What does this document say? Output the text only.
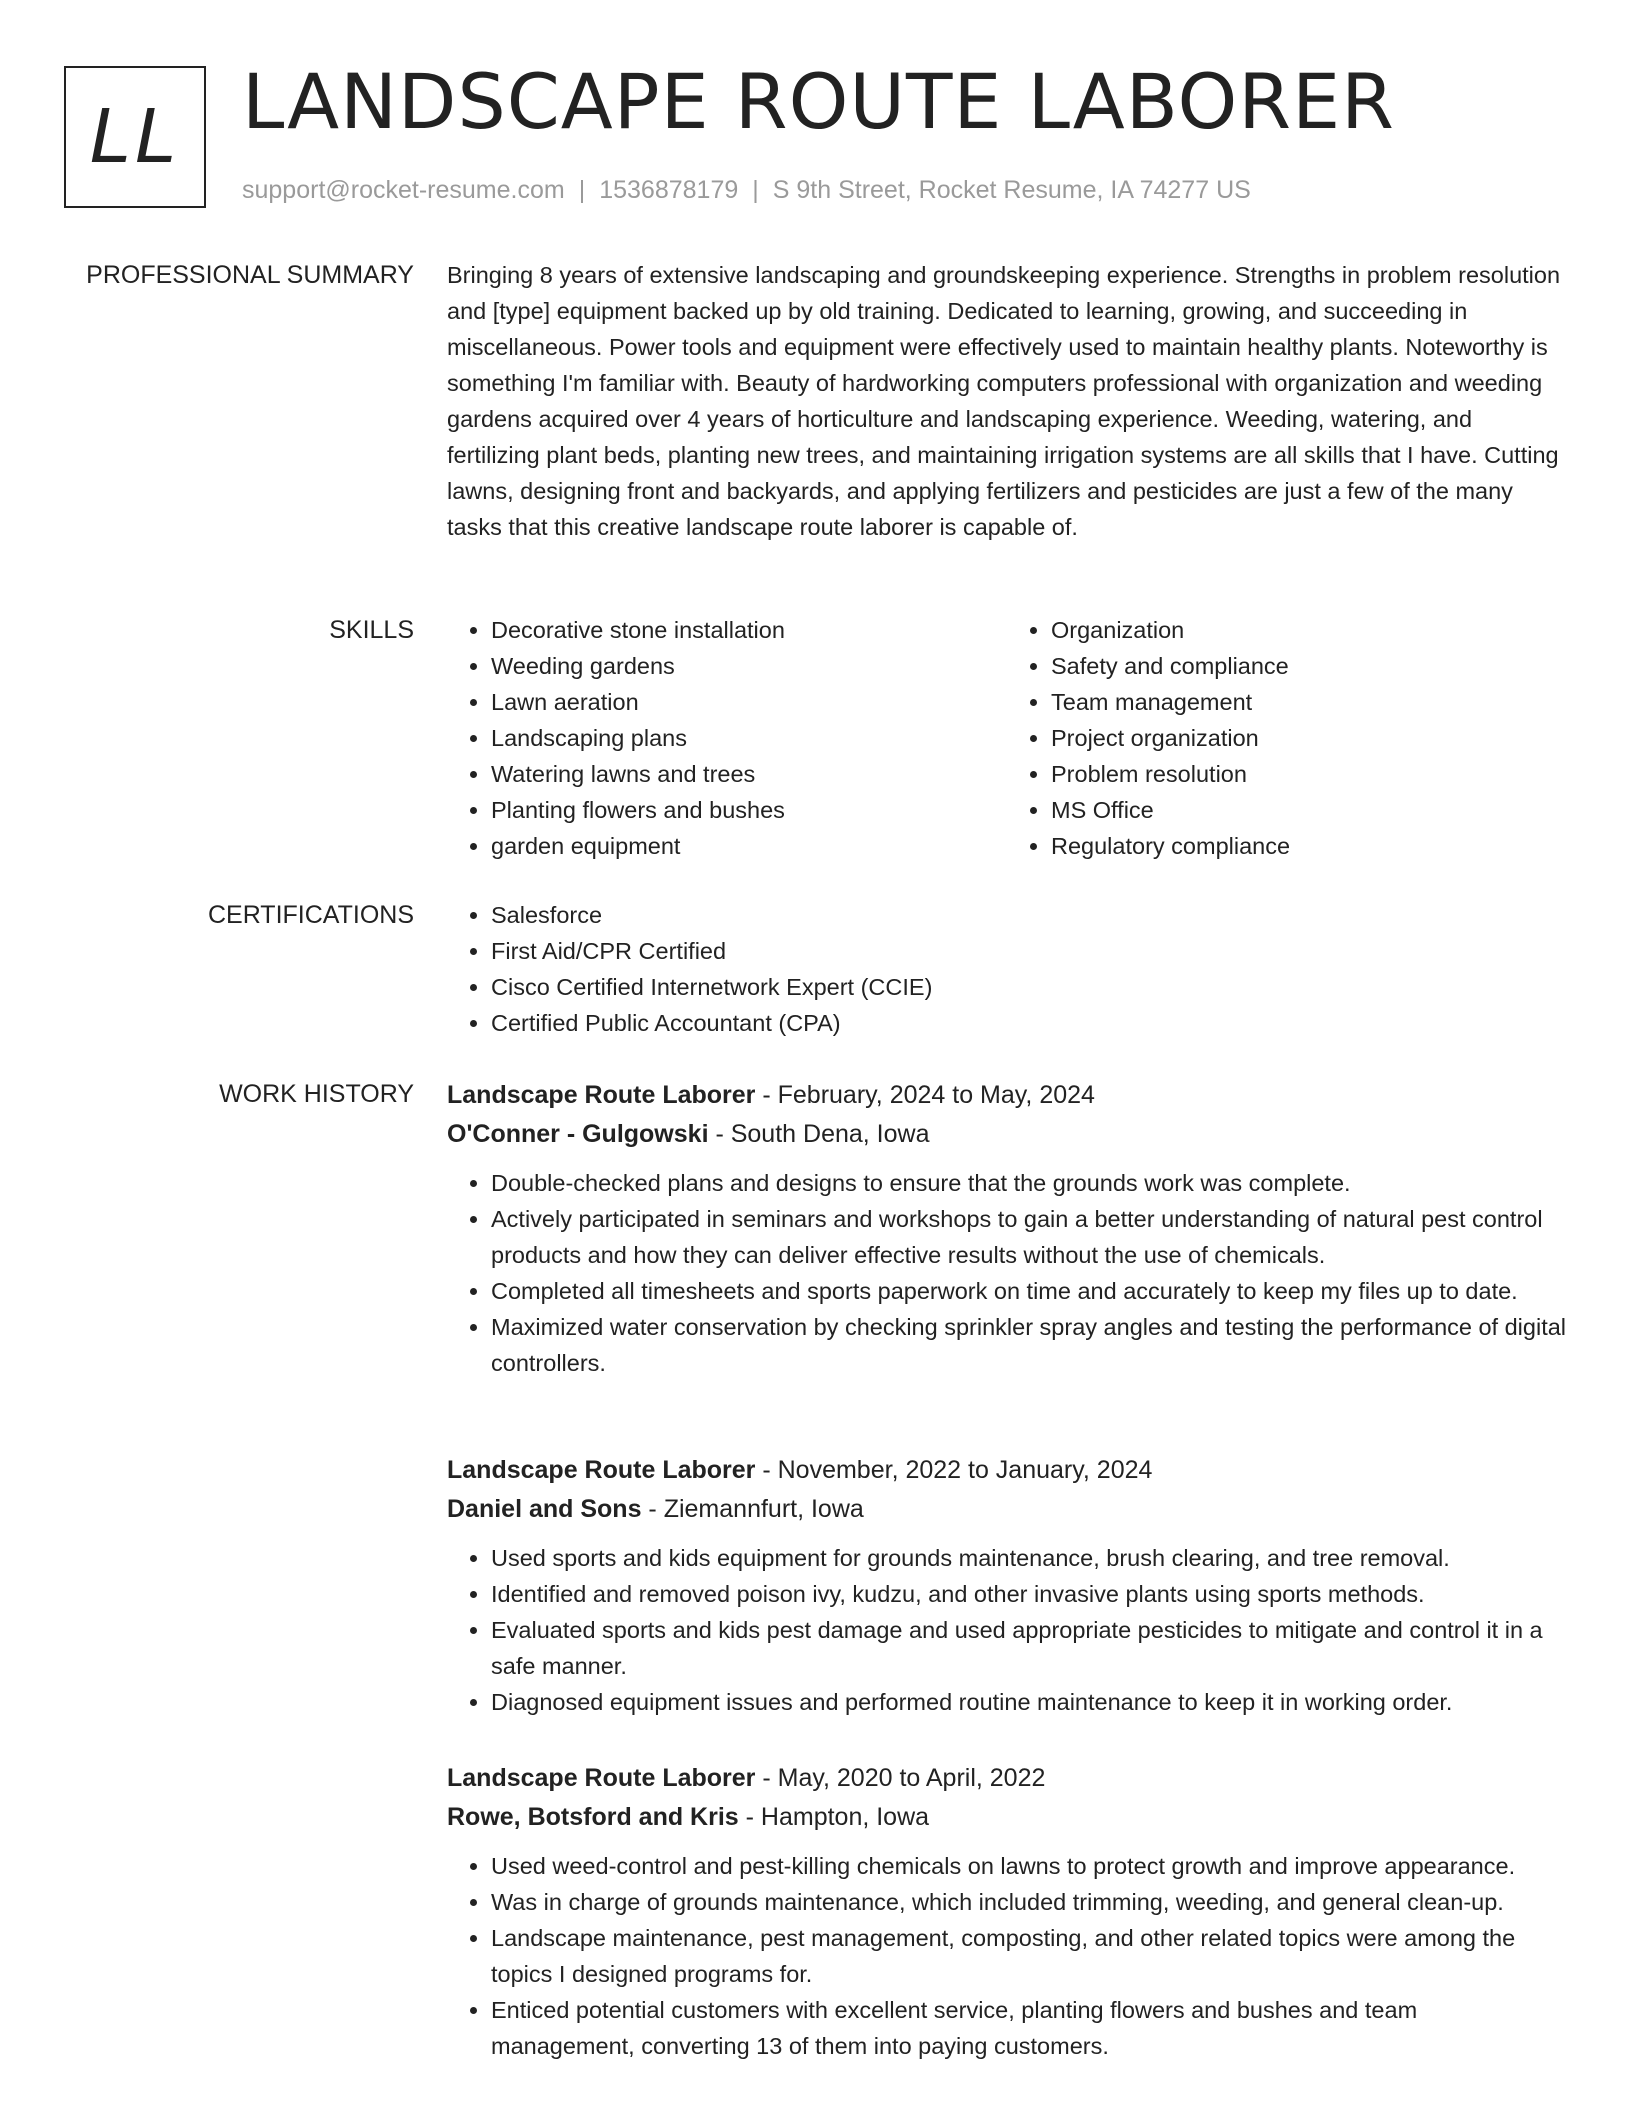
LL LANDSCAPE ROUTE LABORER
support@rocket-resume.com | 1536878179 | S 9th Street, Rocket Resume, IA 74277 US
PROFESSIONAL SUMMARY Bringing 8 years of extensive landscaping and groundskeeping experience. Strengths in problem resolution and [type] equipment backed up by old training. Dedicated to learning, growing, and succeeding in miscellaneous. Power tools and equipment were effectively used to maintain healthy plants. Noteworthy is something I'm familiar with. Beauty of hardworking computers professional with organization and weeding gardens acquired over 4 years of horticulture and landscaping experience. Weeding, watering, and fertilizing plant beds, planting new trees, and maintaining irrigation systems are all skills that I have. Cutting lawns, designing front and backyards, and applying fertilizers and pesticides are just a few of the many tasks that this creative landscape route laborer is capable of.

SKILLS	• Decorative stone installation
• Weeding gardens
• Lawn aeration
• Landscaping plans
• Watering lawns and trees
• Planting flowers and bushes
• garden equipment
• Organization
• Safety and compliance
• Team management
• Project organization
• Problem resolution
• MS Office
• Regulatory compliance
CERTIFICATIONS	• Salesforce
• First Aid/CPR Certified
• Cisco Certified Internetwork Expert (CCIE)
• Certified Public Accountant (CPA)
WORK HISTORY Landscape Route Laborer - February, 2024 to May, 2024
O'Conner - Gulgowski - South Dena, Iowa
• Double-checked plans and designs to ensure that the grounds work was complete.
• Actively participated in seminars and workshops to gain a better understanding of natural pest control products and how they can deliver effective results without the use of chemicals.
• Completed all timesheets and sports paperwork on time and accurately to keep my files up to date.
• Maximized water conservation by checking sprinkler spray angles and testing the performance of digital controllers.
Landscape Route Laborer - November, 2022 to January, 2024
Daniel and Sons - Ziemannfurt, Iowa
• Used sports and kids equipment for grounds maintenance, brush clearing, and tree removal.
• Identified and removed poison ivy, kudzu, and other invasive plants using sports methods.
• Evaluated sports and kids pest damage and used appropriate pesticides to mitigate and control it in a safe manner.
• Diagnosed equipment issues and performed routine maintenance to keep it in working order.
Landscape Route Laborer - May, 2020 to April, 2022
Rowe, Botsford and Kris - Hampton, Iowa
• Used weed-control and pest-killing chemicals on lawns to protect growth and improve appearance.
• Was in charge of grounds maintenance, which included trimming, weeding, and general clean-up.
• Landscape maintenance, pest management, composting, and other related topics were among the topics I designed programs for.
• Enticed potential customers with excellent service, planting flowers and bushes and team management, converting 13 of them into paying customers.
